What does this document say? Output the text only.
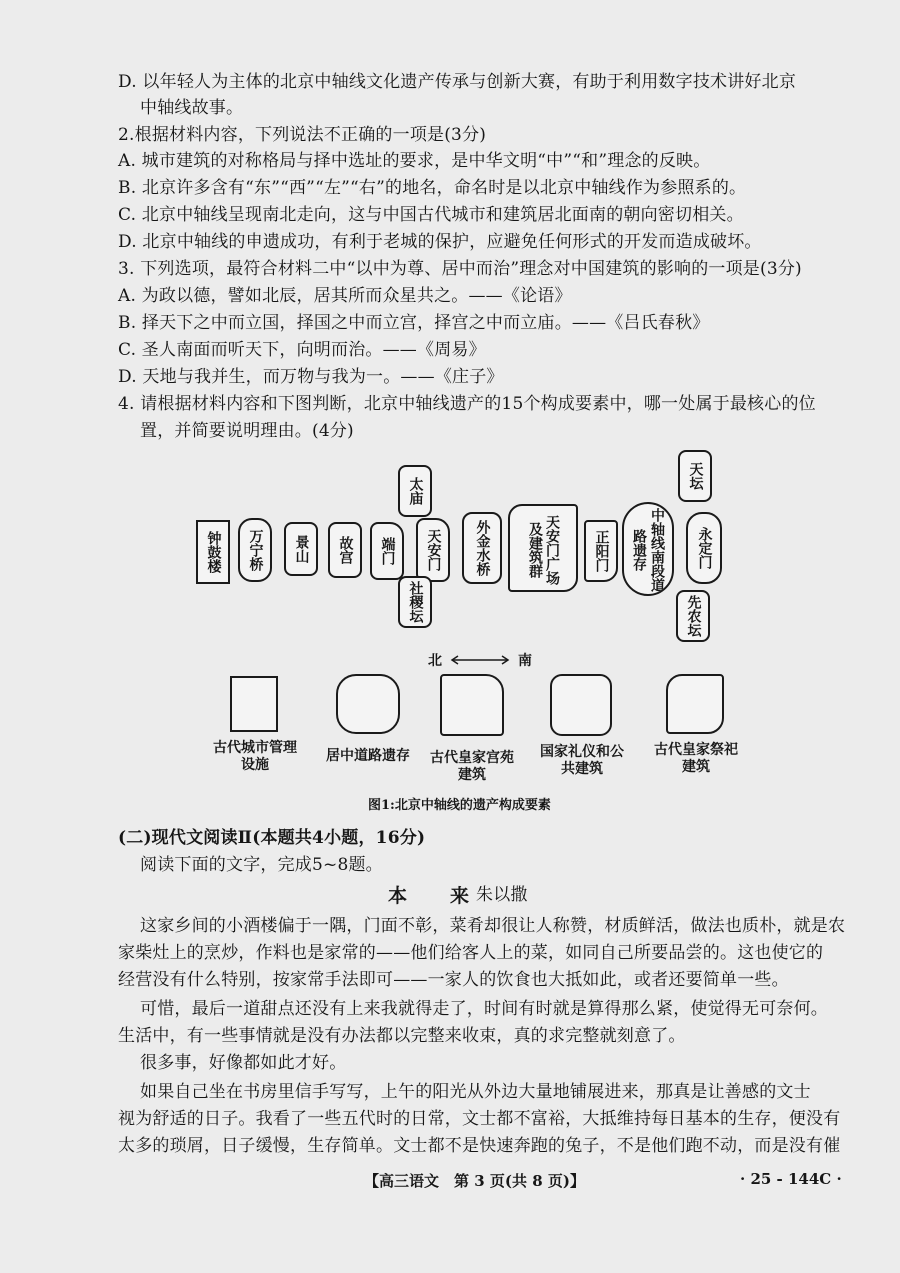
D. 以年轻人为主体的北京中轴线文化遗产传承与创新大赛，有助于利用数字技术讲好北京
中轴线故事。
2.根据材料内容，下列说法不正确的一项是(3分)
A. 城市建筑的对称格局与择中选址的要求，是中华文明“中”“和”理念的反映。
B. 北京许多含有“东”“西”“左”“右”的地名，命名时是以北京中轴线作为参照系的。
C. 北京中轴线呈现南北走向，这与中国古代城市和建筑居北面南的朝向密切相关。
D. 北京中轴线的申遗成功，有利于老城的保护，应避免任何形式的开发而造成破坏。
3. 下列选项，最符合材料二中“以中为尊、居中而治”理念对中国建筑的影响的一项是(3分)
A. 为政以德，譬如北辰，居其所而众星共之。——《论语》
B. 择天下之中而立国，择国之中而立宫，择宫之中而立庙。——《吕氏春秋》
C. 圣人南面而听天下，向明而治。——《周易》
D. 天地与我并生，而万物与我为一。——《庄子》
4. 请根据材料内容和下图判断，北京中轴线遗产的15个构成要素中，哪一处属于最核心的位
置，并简要说明理由。(4分)
太庙
天坛
钟鼓楼	万宁桥	景山	故宫	端门	天安门	外金水桥	天安门广场及建筑群	正阳门	中轴线南段道路遗存	永定门
社稷坛	先农坛
北	南
古代城市管理设施
居中道路遗存	古代皇家宫苑建筑
国家礼仪和公共建筑
古代皇家祭祀建筑
图1:北京中轴线的遗产构成要素
(二)现代文阅读Ⅱ(本题共4小题，16分)
阅读下面的文字，完成5~8题。
本　来
朱以撒
这家乡间的小酒楼偏于一隅，门面不彰，菜肴却很让人称赞，材质鲜活，做法也质朴，就是农
家柴灶上的烹炒，作料也是家常的——他们给客人上的菜，如同自己所要品尝的。这也使它的
经营没有什么特别，按家常手法即可——一家人的饮食也大抵如此，或者还要简单一些。
可惜，最后一道甜点还没有上来我就得走了，时间有时就是算得那么紧，使觉得无可奈何。
生活中，有一些事情就是没有办法都以完整来收束，真的求完整就刻意了。
很多事，好像都如此才好。
如果自己坐在书房里信手写写，上午的阳光从外边大量地铺展进来，那真是让善感的文士
视为舒适的日子。我看了一些五代时的日常，文士都不富裕，大抵维持每日基本的生存，便没有
太多的琐屑，日子缓慢，生存简单。文士都不是快速奔跑的兔子，不是他们跑不动，而是没有催
【高三语文　第 3 页(共 8 页)】	· 25 - 144C ·
